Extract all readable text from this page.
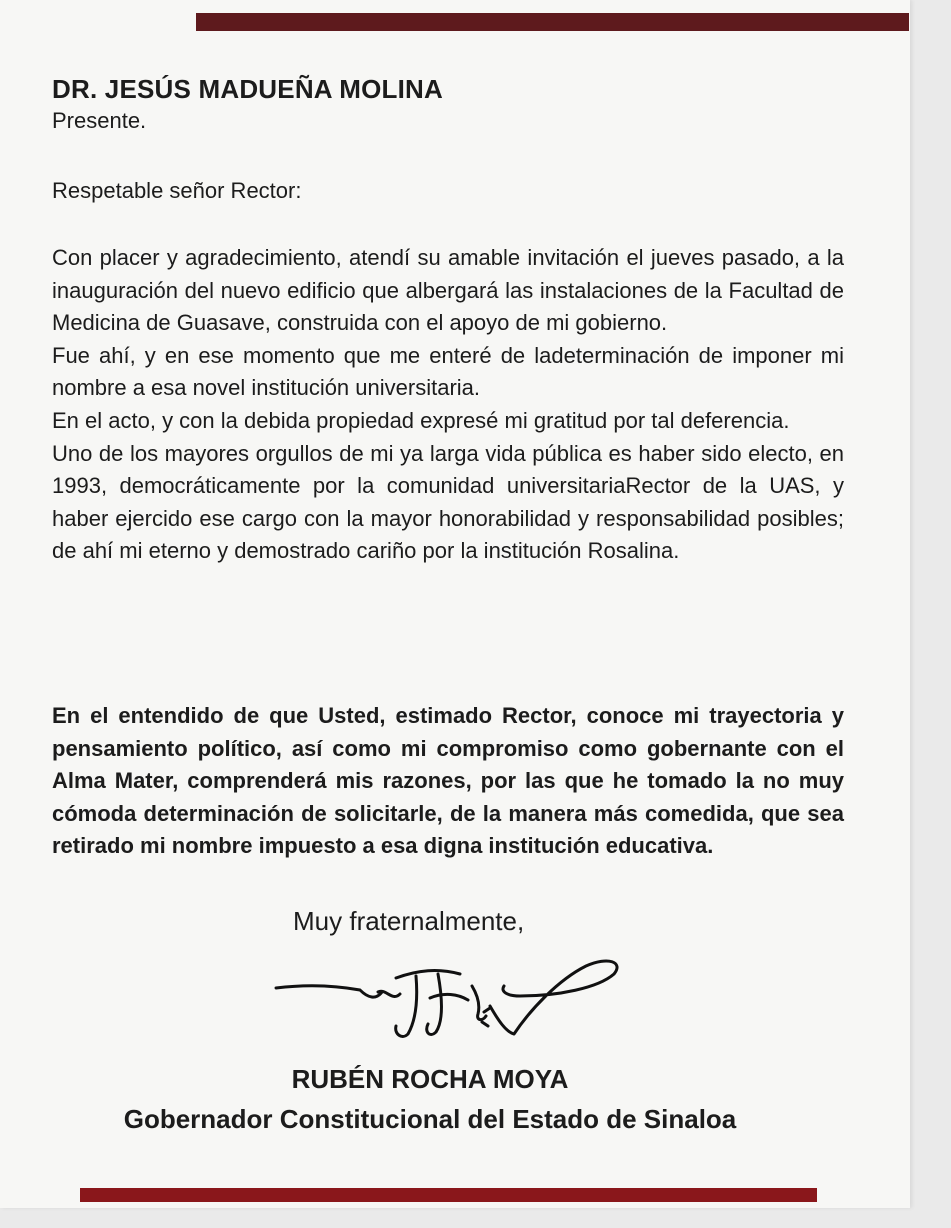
DR. JESÚS MADUEÑA MOLINA
Presente.
Respetable señor Rector:

Con placer y agradecimiento, atendí su amable invitación el jueves pasado, a la inauguración del nuevo edificio que albergará las instalaciones de la Facultad de Medicina de Guasave, construida con el apoyo de mi gobierno.

Fue ahí, y en ese momento que me enteré de ladeterminación de imponer mi nombre a esa novel institución universitaria.

En el acto, y con la debida propiedad expresé mi gratitud por tal deferencia.

Uno de los mayores orgullos de mi ya larga vida pública es haber sido electo, en 1993, democráticamente por la comunidad universitariaRector de la UAS, y haber ejercido ese cargo con la mayor honorabilidad y responsabilidad posibles; de ahí mi eterno y demostrado cariño por la institución Rosalina.

En el entendido de que Usted, estimado Rector, conoce mi trayectoria y pensamiento político, así como mi compromiso como gobernante con el Alma Mater, comprenderá mis razones, por las que he tomado la no muy cómoda determinación de solicitarle, de la manera más comedida, que sea retirado mi nombre impuesto a esa digna institución educativa.

Muy fraternalmente,
RUBÉN ROCHA MOYA
Gobernador Constitucional del Estado de Sinaloa
